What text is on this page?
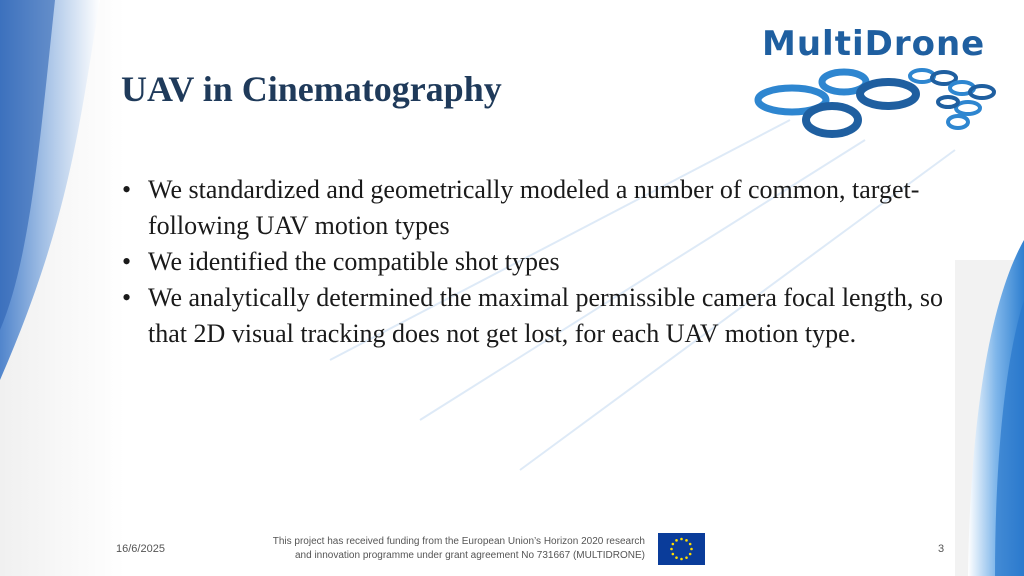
MultiDrone
UAV in Cinematography
• We standardized and geometrically modeled a number of common, target-following UAV motion types
• We identified the compatible shot types
• We analytically determined the maximal permissible camera focal length, so that 2D visual tracking does not get lost, for each UAV motion type.
16/6/2025
This project has received funding from the European Union’s Horizon 2020 research
and innovation programme under grant agreement No 731667 (MULTIDRONE)
3
